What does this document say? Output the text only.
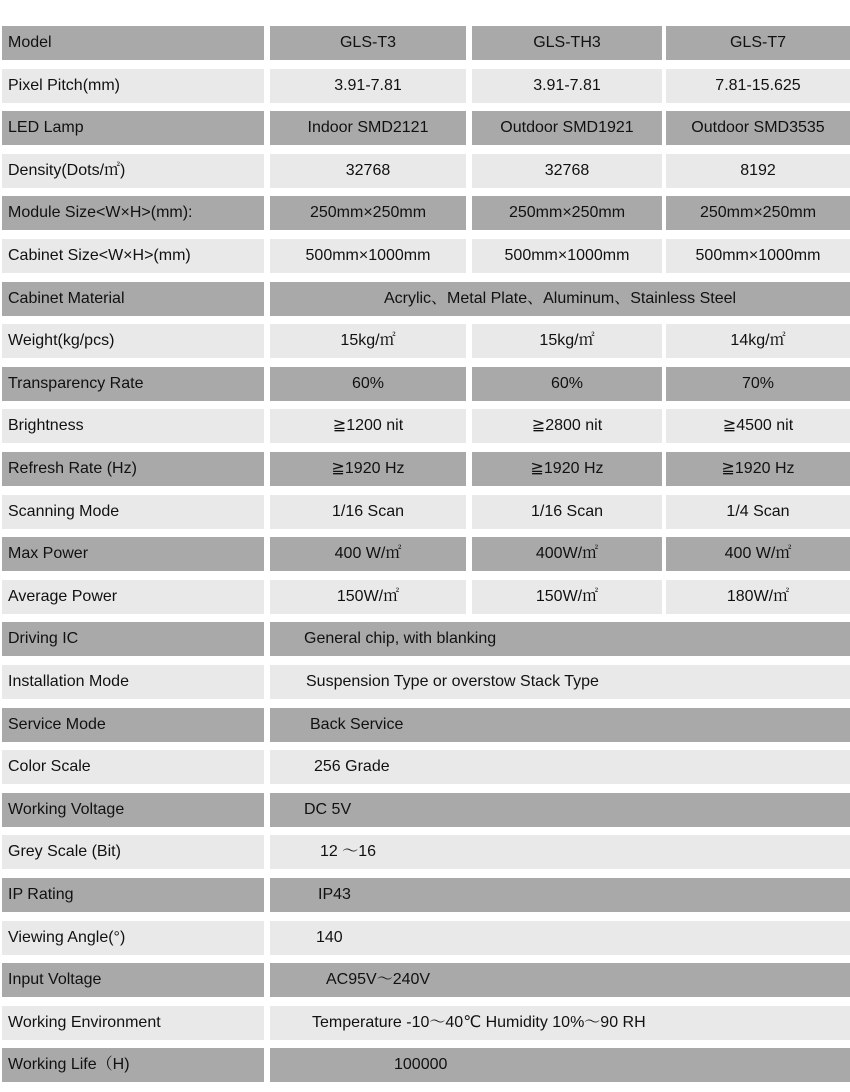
Model	GLS-T3	GLS-TH3	GLS-T7
Pixel Pitch(mm)	3.91-7.81	3.91-7.81	7.81-15.625
LED Lamp	Indoor SMD2121	Outdoor SMD1921	Outdoor SMD3535
Density(Dots/㎡)	32768	32768	8192
Module Size<W×H>(mm):	250mm×250mm	250mm×250mm	250mm×250mm
Cabinet Size<W×H>(mm)	500mm×1000mm	500mm×1000mm	500mm×1000mm
Cabinet Material	Acrylic、Metal Plate、Aluminum、Stainless Steel
Weight(kg/pcs)	15kg/㎡	15kg/㎡	14kg/㎡
Transparency Rate	60%	60%	70%
Brightness	≧1200 nit	≧2800 nit	≧4500 nit
Refresh Rate (Hz)	≧1920 Hz	≧1920 Hz	≧1920 Hz
Scanning Mode	1/16 Scan	1/16 Scan	1/4 Scan
Max Power	400 W/㎡	400W/㎡	400 W/㎡
Average Power	150W/㎡	150W/㎡	180W/㎡
Driving IC	General chip, with blanking
Installation Mode	Suspension Type or overstow Stack Type
Service Mode	Back Service
Color Scale	256 Grade
Working Voltage	DC 5V
Grey Scale (Bit)	12 ～16
IP Rating	IP43
Viewing Angle(°)	140
Input Voltage	AC95V～240V
Working Environment	Temperature -10～40℃ Humidity 10%～90 RH
Working Life（H)	100000
